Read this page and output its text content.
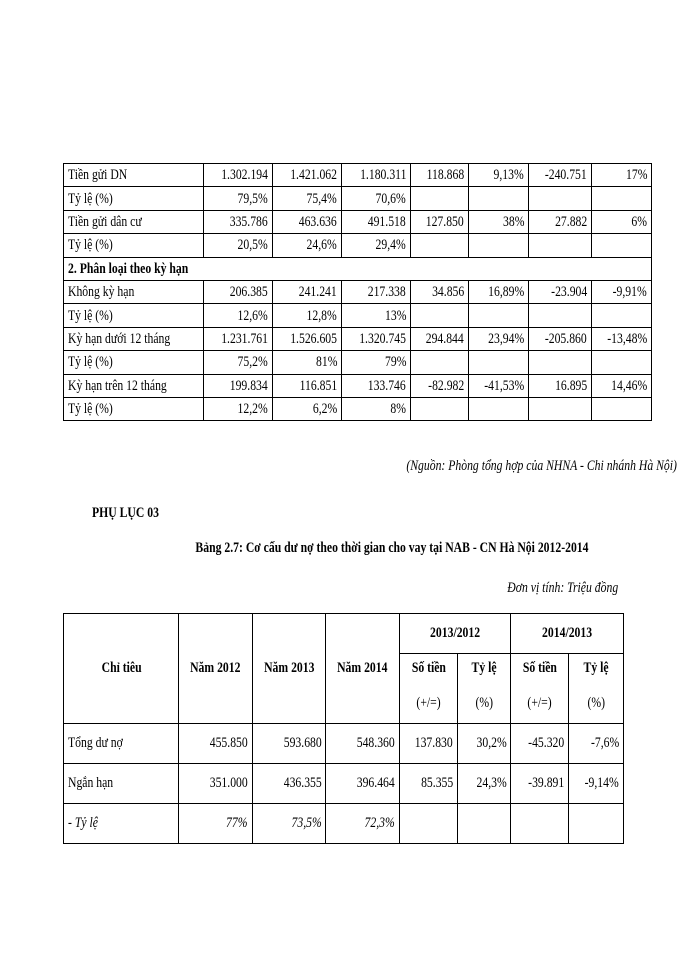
Tiền gửi DN	1.302.194	1.421.062	1.180.311	118.868	9,13%	-240.751	17%
Tỷ lệ (%)	79,5%	75,4%	70,6%				
Tiền gửi dân cư	335.786	463.636	491.518	127.850	38%	27.882	6%
Tỷ lệ (%)	20,5%	24,6%	29,4%				
2. Phân loại theo kỳ hạn							
Không kỳ hạn	206.385	241.241	217.338	34.856	16,89%	-23.904	-9,91%
Tỷ lệ (%)	12,6%	12,8%	13%				
Kỳ hạn dưới 12 tháng	1.231.761	1.526.605	1.320.745	294.844	23,94%	-205.860	-13,48%
Tỷ lệ (%)	75,2%	81%	79%				
Kỳ hạn trên 12 tháng	199.834	116.851	133.746	-82.982	-41,53%	16.895	14,46%
Tỷ lệ (%)	12,2%	6,2%	8%				
(Nguồn: Phòng tổng hợp của NHNA - Chi nhánh Hà Nội)
PHỤ LỤC 03
Bảng 2.7: Cơ cấu dư nợ theo thời gian cho vay tại NAB - CN Hà Nội 2012-2014
Đơn vị tính: Triệu đồng
Chỉ tiêu	Năm 2012	Năm 2013	Năm 2014	2013/2012		2014/2013	
				Số tiền	Tỷ lệ	Số tiền	Tỷ lệ
				(+/=)	(%)	(+/=)	(%)
Tổng dư nợ	455.850	593.680	548.360	137.830	30,2%	-45.320	-7,6%
Ngắn hạn	351.000	436.355	396.464	85.355	24,3%	-39.891	-9,14%
- Tỷ lệ	77%	73,5%	72,3%				
